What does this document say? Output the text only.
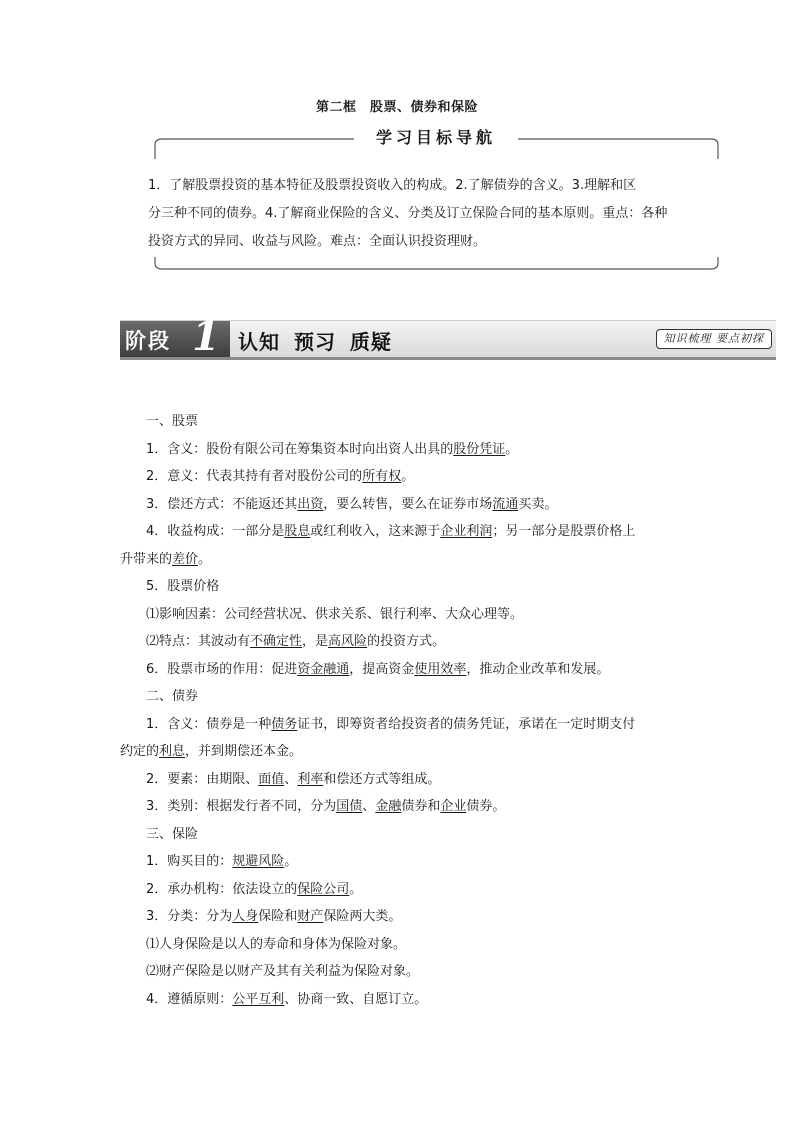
第二框　股票、债券和保险
学习目标导航
1．了解股票投资的基本特征及股票投资收入的构成。2.了解债券的含义。3.理解和区
分三种不同的债券。4.了解商业保险的含义、分类及订立保险合同的基本原则。重点：各种
投资方式的异同、收益与风险。难点：全面认识投资理财。
阶段 1 认知 预习 质疑	知识梳理 要点初探

一、股票

1．含义：股份有限公司在筹集资本时向出资人出具的股份凭证。

2．意义：代表其持有者对股份公司的所有权。

3．偿还方式：不能返还其出资，要么转售，要么在证券市场流通买卖。

4．收益构成：一部分是股息或红利收入，这来源于企业利润；另一部分是股票价格上

升带来的差价。

5．股票价格

⑴影响因素：公司经营状况、供求关系、银行利率、大众心理等。

⑵特点：其波动有不确定性，是高风险的投资方式。

6．股票市场的作用：促进资金融通，提高资金使用效率，推动企业改革和发展。

二、债券

1．含义：债券是一种债务证书，即筹资者给投资者的债务凭证，承诺在一定时期支付

约定的利息，并到期偿还本金。

2．要素：由期限、面值、利率和偿还方式等组成。

3．类别：根据发行者不同，分为国债、金融债券和企业债券。

三、保险

1．购买目的：规避风险。

2．承办机构：依法设立的保险公司。

3．分类：分为人身保险和财产保险两大类。

⑴人身保险是以人的寿命和身体为保险对象。

⑵财产保险是以财产及其有关利益为保险对象。

4．遵循原则：公平互利、协商一致、自愿订立。
